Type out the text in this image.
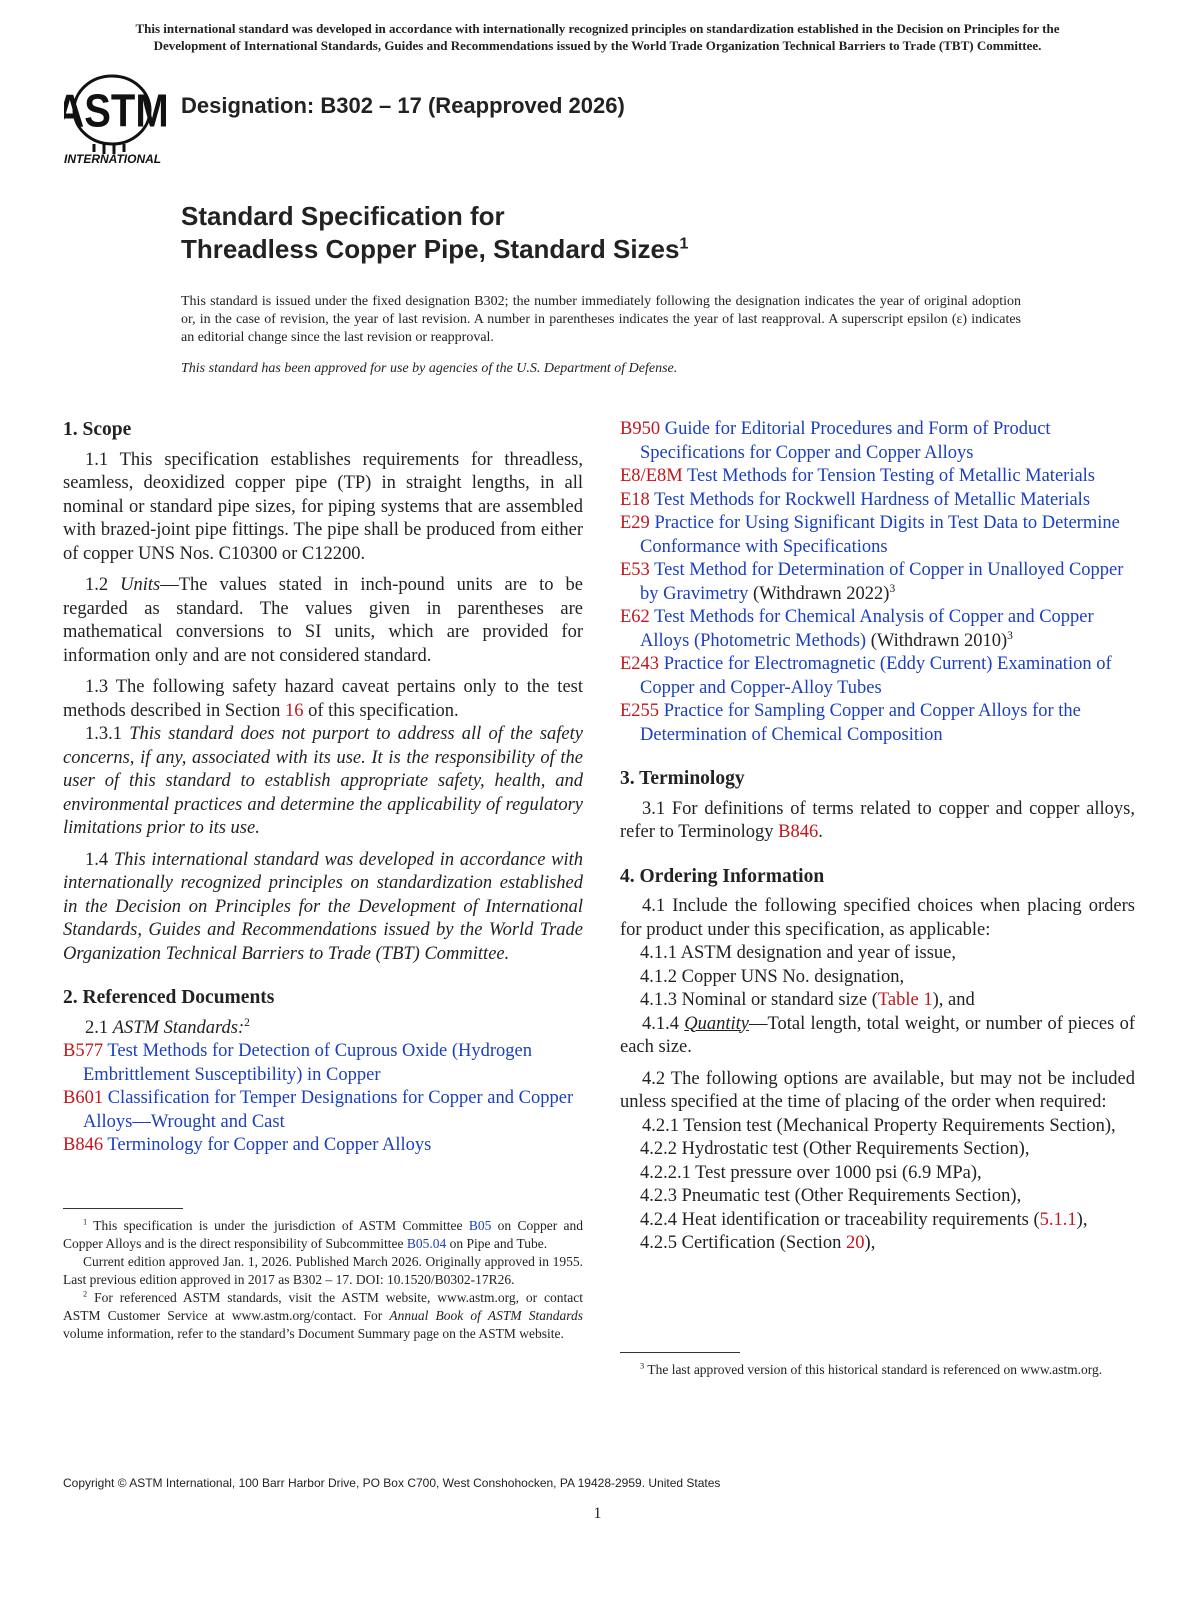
This international standard was developed in accordance with internationally recognized principles on standardization established in the Decision on Principles for the
Development of International Standards, Guides and Recommendations issued by the World Trade Organization Technical Barriers to Trade (TBT) Committee.
ASTM
INTERNATIONAL
Designation: B302 – 17 (Reapproved 2026)
Standard Specification for
Threadless Copper Pipe, Standard Sizes$^1$
This standard is issued under the fixed designation B302; the number immediately following the designation indicates the year of original adoption or, in the case of revision, the year of last revision. A number in parentheses indicates the year of last reapproval. A superscript epsilon (ε) indicates an editorial change since the last revision or reapproval.
This standard has been approved for use by agencies of the U.S. Department of Defense.

1. Scope

1.1 This specification establishes requirements for threadless, seamless, deoxidized copper pipe (TP) in straight lengths, in all nominal or standard pipe sizes, for piping systems that are assembled with brazed-joint pipe fittings. The pipe shall be produced from either of copper UNS Nos. C10300 or C12200.

1.2 Units—The values stated in inch-pound units are to be regarded as standard. The values given in parentheses are mathematical conversions to SI units, which are provided for information only and are not considered standard.

1.3 The following safety hazard caveat pertains only to the test methods described in Section 16 of this specification.

1.3.1 This standard does not purport to address all of the safety concerns, if any, associated with its use. It is the responsibility of the user of this standard to establish appropriate safety, health, and environmental practices and determine the applicability of regulatory limitations prior to its use.

1.4 This international standard was developed in accordance with internationally recognized principles on standardization established in the Decision on Principles for the Development of International Standards, Guides and Recommendations issued by the World Trade Organization Technical Barriers to Trade (TBT) Committee.

2. Referenced Documents

2.1 ASTM Standards:$^2$

B577 Test Methods for Detection of Cuprous Oxide (Hydrogen Embrittlement Susceptibility) in Copper

B601 Classification for Temper Designations for Copper and Copper Alloys—Wrought and Cast

B846 Terminology for Copper and Copper Alloys

$^1$ This specification is under the jurisdiction of ASTM Committee B05 on Copper and Copper Alloys and is the direct responsibility of Subcommittee B05.04 on Pipe and Tube.
Current edition approved Jan. 1, 2026. Published March 2026. Originally approved in 1955. Last previous edition approved in 2017 as B302 – 17. DOI: 10.1520/B0302-17R26.
$^2$ For referenced ASTM standards, visit the ASTM website, www.astm.org, or contact ASTM Customer Service at www.astm.org/contact. For Annual Book of ASTM Standards volume information, refer to the standard’s Document Summary page on the ASTM website.

B950 Guide for Editorial Procedures and Form of Product Specifications for Copper and Copper Alloys

E8/E8M Test Methods for Tension Testing of Metallic Materials

E18 Test Methods for Rockwell Hardness of Metallic Materials

E29 Practice for Using Significant Digits in Test Data to Determine Conformance with Specifications

E53 Test Method for Determination of Copper in Unalloyed Copper by Gravimetry (Withdrawn 2022)$^3$

E62 Test Methods for Chemical Analysis of Copper and Copper Alloys (Photometric Methods) (Withdrawn 2010)$^3$

E243 Practice for Electromagnetic (Eddy Current) Examination of Copper and Copper-Alloy Tubes

E255 Practice for Sampling Copper and Copper Alloys for the Determination of Chemical Composition

3. Terminology

3.1 For definitions of terms related to copper and copper alloys, refer to Terminology B846.

4. Ordering Information

4.1 Include the following specified choices when placing orders for product under this specification, as applicable:

4.1.1 ASTM designation and year of issue,

4.1.2 Copper UNS No. designation,

4.1.3 Nominal or standard size (Table 1), and

4.1.4 Quantity—Total length, total weight, or number of pieces of each size.

4.2 The following options are available, but may not be included unless specified at the time of placing of the order when required:

4.2.1 Tension test (Mechanical Property Requirements Section),

4.2.2 Hydrostatic test (Other Requirements Section),

4.2.2.1 Test pressure over 1000 psi (6.9 MPa),

4.2.3 Pneumatic test (Other Requirements Section),

4.2.4 Heat identification or traceability requirements (5.1.1),

4.2.5 Certification (Section 20),

$^3$ The last approved version of this historical standard is referenced on www.astm.org.
Copyright © ASTM International, 100 Barr Harbor Drive, PO Box C700, West Conshohocken, PA 19428-2959. United States
1
